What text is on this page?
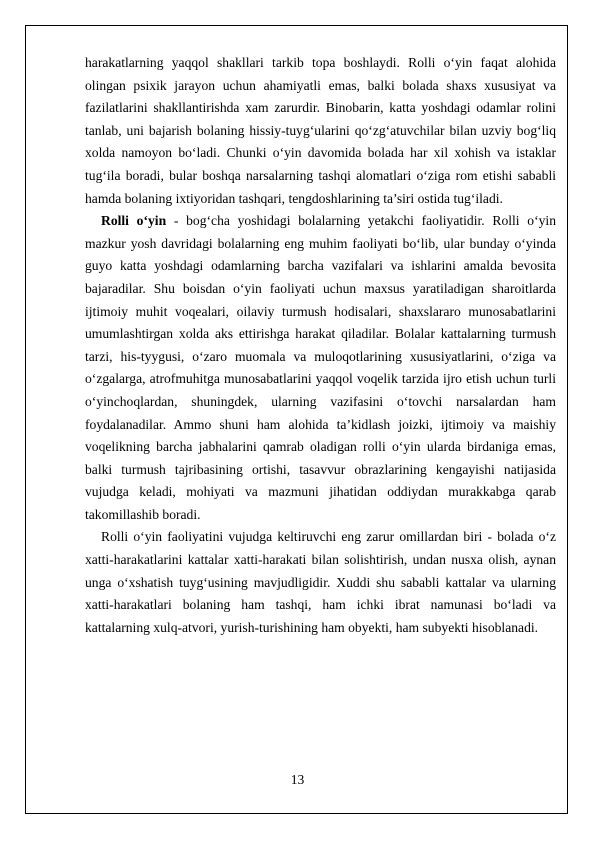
harakatlarning yaqqol shakllari tarkib topa boshlaydi. Rolli o‘yin faqat alohida olingan psixik jarayon uchun ahamiyatli emas, balki bolada shaxs xususiyat va fazilatlarini shakllantirishda xam zarurdir. Binobarin, katta yoshdagi odamlar rolini tanlab, uni bajarish bolaning hissiy-tuyg‘ularini qo‘zg‘atuvchilar bilan uzviy bog‘liq xolda namoyon bo‘ladi. Chunki o‘yin davomida bolada har xil xohish va istaklar tug‘ila boradi, bular boshqa narsalarning tashqi alomatlari o‘ziga rom etishi sababli hamda bolaning ixtiyoridan tashqari, tengdoshlarining ta’siri ostida tug‘iladi.

Rolli o‘yin - bog‘cha yoshidagi bolalarning yetakchi faoliyatidir. Rolli o‘yin mazkur yosh davridagi bolalarning eng muhim faoliyati bo‘lib, ular bunday o‘yinda guyo katta yoshdagi odamlarning barcha vazifalari va ishlarini amalda bevosita bajaradilar. Shu boisdan o‘yin faoliyati uchun maxsus yaratiladigan sharoitlarda ijtimoiy muhit voqealari, oilaviy turmush hodisalari, shaxslararo munosabatlarini umumlashtirgan xolda aks ettirishga harakat qiladilar. Bolalar kattalarning turmush tarzi, his-tyygusi, o‘zaro muomala va muloqotlarining xususiyatlarini, o‘ziga va o‘zgalarga, atrofmuhitga munosabatlarini yaqqol voqelik tarzida ijro etish uchun turli o‘yinchoqlardan, shuningdek, ularning vazifasini o‘tovchi narsalardan ham foydalanadilar. Ammo shuni ham alohida ta’kidlash joizki, ijtimoiy va maishiy voqelikning barcha jabhalarini qamrab oladigan rolli o‘yin ularda birdaniga emas, balki turmush tajribasining ortishi, tasavvur obrazlarining kengayishi natijasida vujudga keladi, mohiyati va mazmuni jihatidan oddiydan murakkabga qarab takomillashib boradi.

Rolli o‘yin faoliyatini vujudga keltiruvchi eng zarur omillardan biri - bolada o‘z xatti-harakatlarini kattalar xatti-harakati bilan solishtirish, undan nusxa olish, aynan unga o‘xshatish tuyg‘usining mavjudligidir. Xuddi shu sababli kattalar va ularning xatti-harakatlari bolaning ham tashqi, ham ichki ibrat namunasi bo‘ladi va kattalarning xulq-atvori, yurish-turishining ham obyekti, ham subyekti hisoblanadi.

13
